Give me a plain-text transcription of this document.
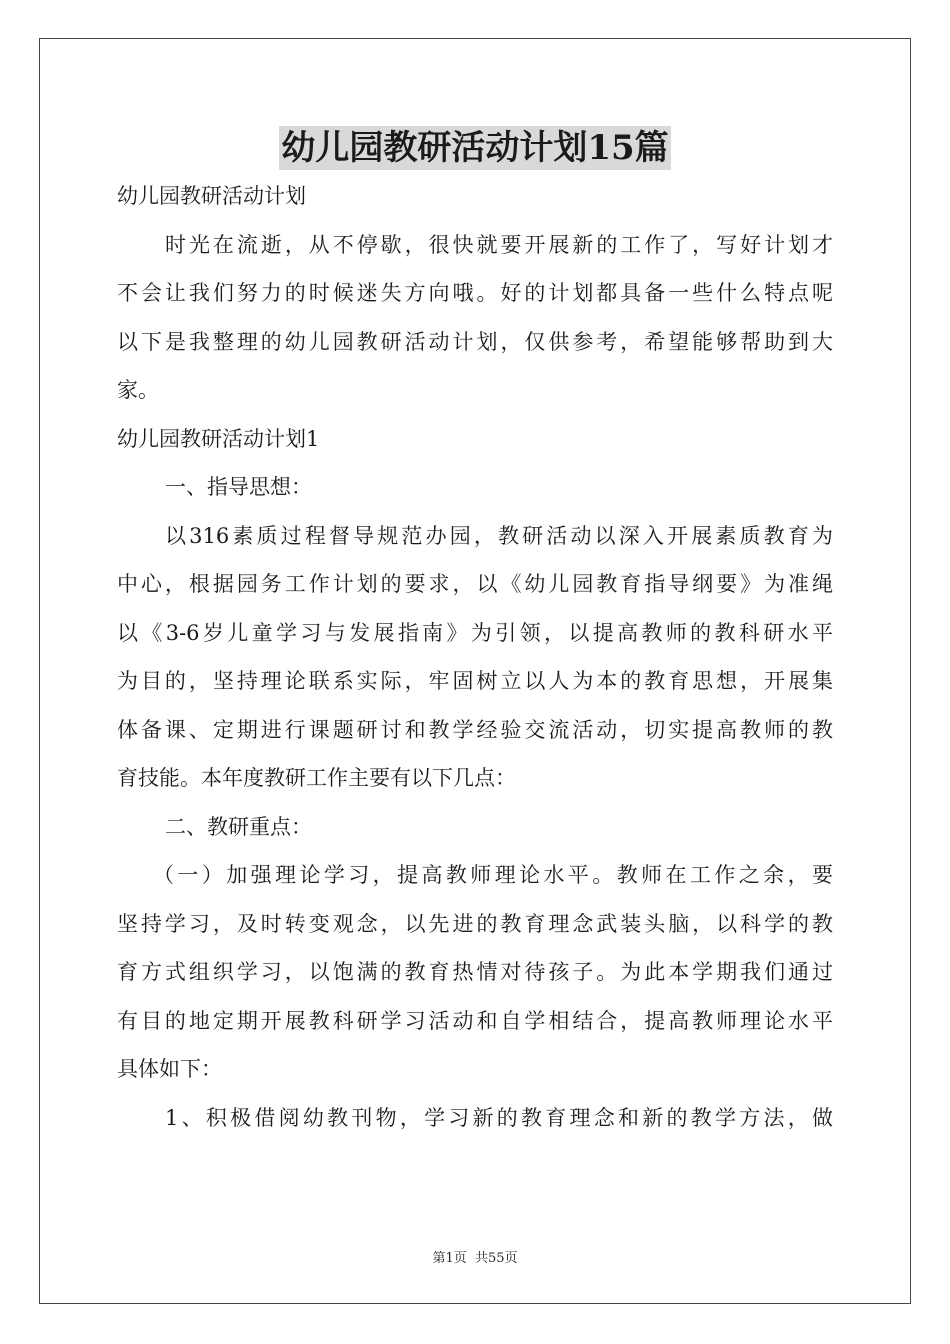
幼儿园教研活动计划15篇
幼儿园教研活动计划
时光在流逝，从不停歇，很快就要开展新的工作了，写好计划才
不会让我们努力的时候迷失方向哦。好的计划都具备一些什么特点呢
以下是我整理的幼儿园教研活动计划，仅供参考，希望能够帮助到大
家。
幼儿园教研活动计划1
一、指导思想：
以316素质过程督导规范办园，教研活动以深入开展素质教育为
中心，根据园务工作计划的要求，以《幼儿园教育指导纲要》为准绳
以《3-6岁儿童学习与发展指南》为引领，以提高教师的教科研水平
为目的，坚持理论联系实际，牢固树立以人为本的教育思想，开展集
体备课、定期进行课题研讨和教学经验交流活动，切实提高教师的教
育技能。本年度教研工作主要有以下几点：
二、教研重点：
（一）加强理论学习，提高教师理论水平。教师在工作之余，要
坚持学习，及时转变观念，以先进的教育理念武装头脑，以科学的教
育方式组织学习，以饱满的教育热情对待孩子。为此本学期我们通过
有目的地定期开展教科研学习活动和自学相结合，提高教师理论水平
具体如下：
1、积极借阅幼教刊物，学习新的教育理念和新的教学方法，做
第1页 共55页
